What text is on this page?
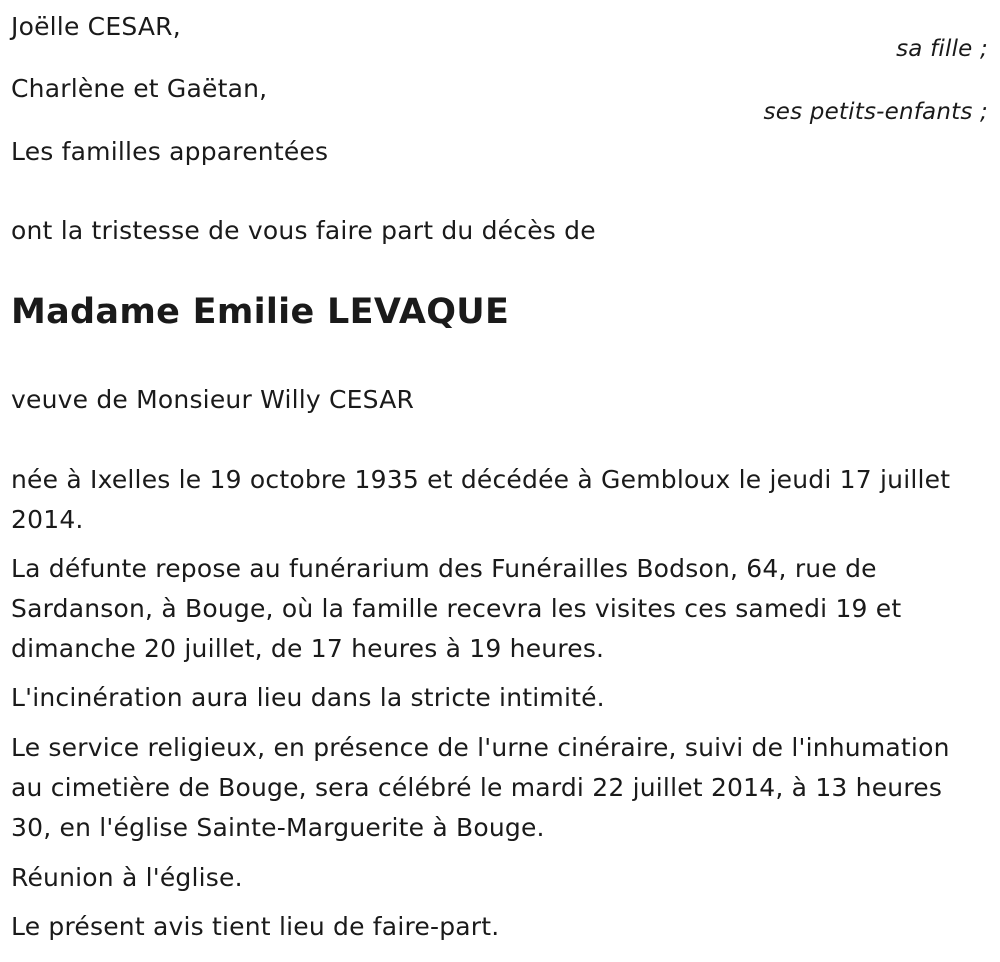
Joëlle CESAR,
sa fille ;
Charlène et Gaëtan,
ses petits-enfants ;
Les familles apparentées
ont la tristesse de vous faire part du décès de
Madame Emilie LEVAQUE
veuve de Monsieur Willy CESAR
née à Ixelles le 19 octobre 1935 et décédée à Gembloux le jeudi 17 juillet 2014.
La défunte repose au funérarium des Funérailles Bodson, 64, rue de Sardanson, à Bouge, où la famille recevra les visites ces samedi 19 et dimanche 20 juillet, de 17 heures à 19 heures.
L'incinération aura lieu dans la stricte intimité.
Le service religieux, en présence de l'urne cinéraire, suivi de l'inhumation au cimetière de Bouge, sera célébré le mardi 22 juillet 2014, à 13 heures 30, en l'église Sainte-Marguerite à Bouge.
Réunion à l'église.
Le présent avis tient lieu de faire-part.
